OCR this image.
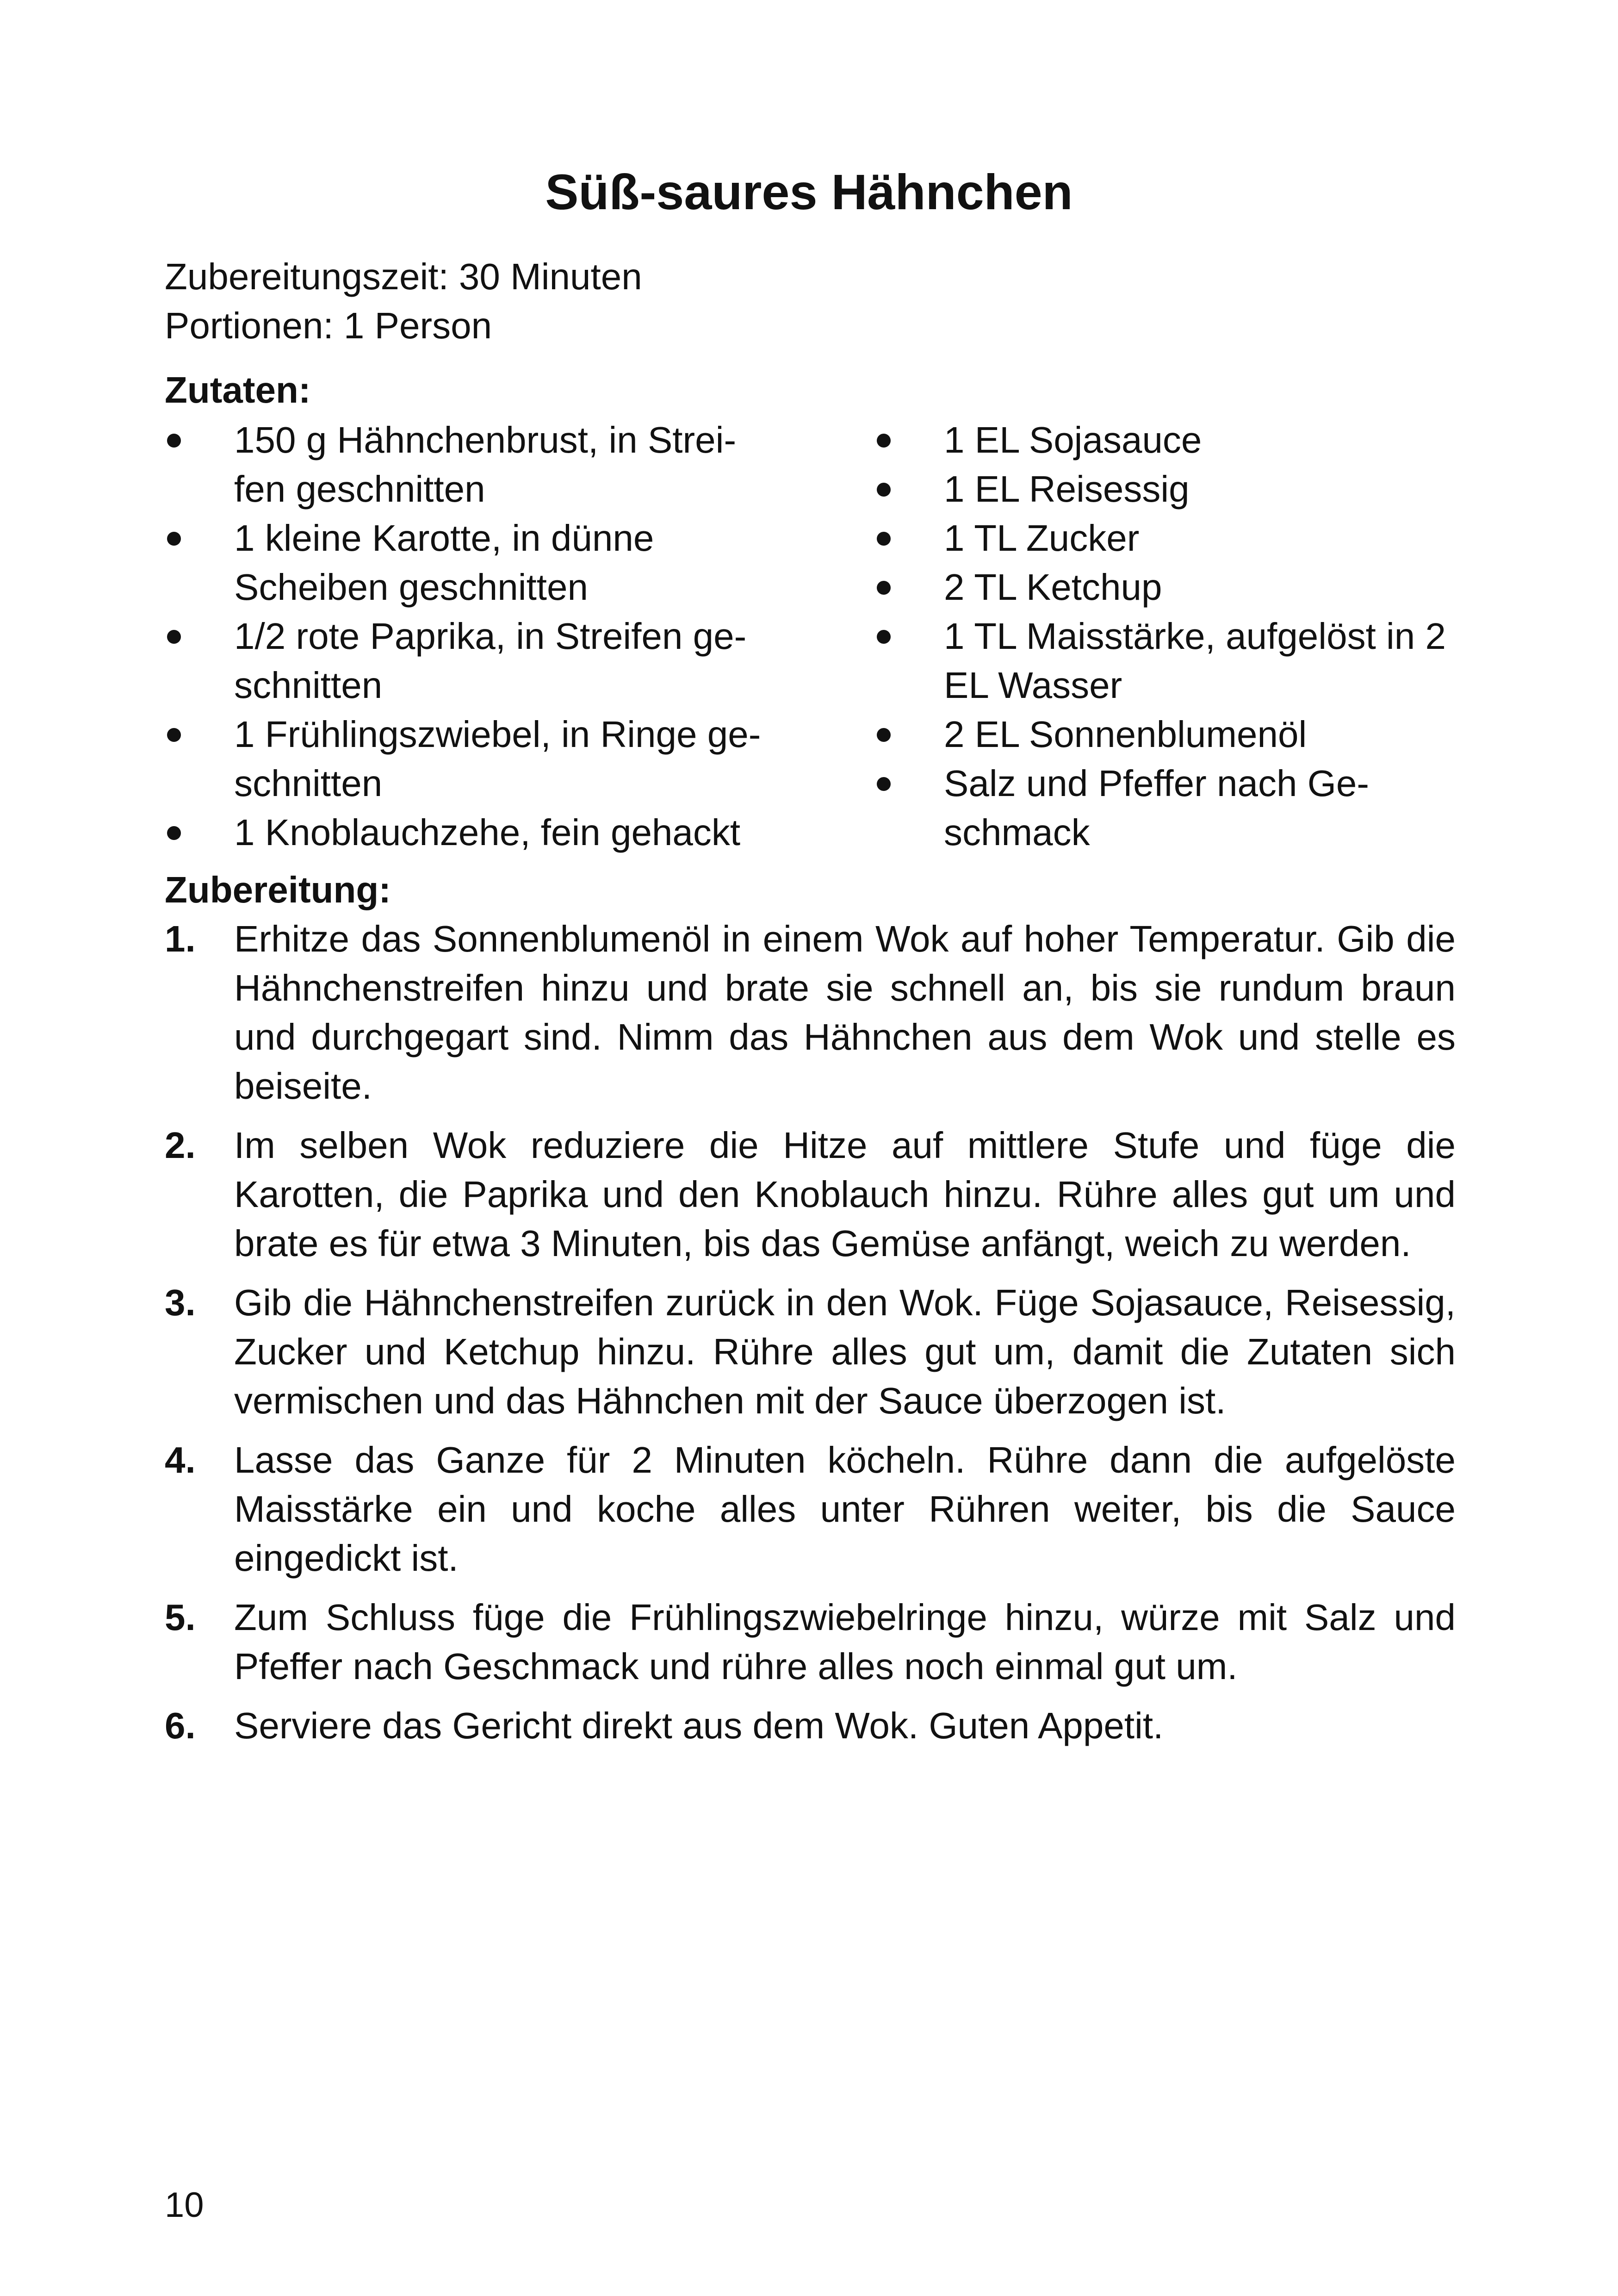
Süß-saures Hähnchen
Zubereitungszeit: 30 Minuten
Portionen: 1 Person
Zutaten:
150 g Hähnchenbrust, in Strei-fen geschnitten
1 kleine Karotte, in dünne Scheiben geschnitten
1/2 rote Paprika, in Streifen ge-schnitten
1 Frühlingszwiebel, in Ringe ge-schnitten
1 Knoblauchzehe, fein gehackt
1 EL Sojasauce
1 EL Reisessig
1 TL Zucker
2 TL Ketchup
1 TL Maisstärke, aufgelöst in 2 EL Wasser
2 EL Sonnenblumenöl
Salz und Pfeffer nach Ge-schmack
Zubereitung:
1. Erhitze das Sonnenblumenöl in einem Wok auf hoher Temperatur. Gib die Hähnchenstreifen hinzu und brate sie schnell an, bis sie rundum braun und durchgegart sind. Nimm das Hähnchen aus dem Wok und stelle es beiseite.
2. Im selben Wok reduziere die Hitze auf mittlere Stufe und füge die Karotten, die Paprika und den Knoblauch hinzu. Rühre alles gut um und brate es für etwa 3 Minuten, bis das Gemüse anfängt, weich zu werden.
3. Gib die Hähnchenstreifen zurück in den Wok. Füge Sojasauce, Reisessig, Zucker und Ketchup hinzu. Rühre alles gut um, damit die Zutaten sich vermischen und das Hähnchen mit der Sauce überzogen ist.
4. Lasse das Ganze für 2 Minuten köcheln. Rühre dann die aufgelöste Maisstärke ein und koche alles unter Rühren weiter, bis die Sauce eingedickt ist.
5. Zum Schluss füge die Frühlingszwiebelringe hinzu, würze mit Salz und Pfeffer nach Geschmack und rühre alles noch einmal gut um.
6. Serviere das Gericht direkt aus dem Wok. Guten Appetit.
10
